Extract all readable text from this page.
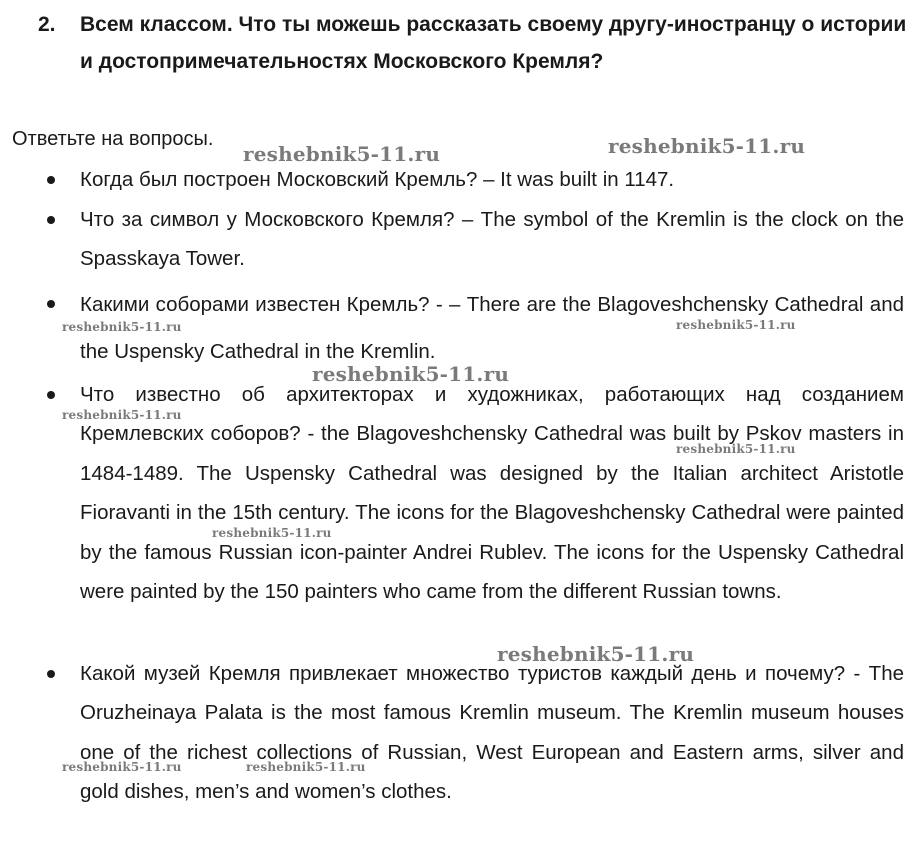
2. Всем классом. Что ты можешь рассказать своему другу-иностранцу о истории и достопримечательностях Московского Кремля?
Ответьте на вопросы.
Когда был построен Московский Кремль? – It was built in 1147.
Что за символ у Московского Кремля? – The symbol of the Kremlin is the clock on the Spasskaya Tower.
Какими соборами известен Кремль? - – There are the Blagoveshchensky Cathedral and the Uspensky Cathedral in the Kremlin.
Что известно об архитекторах и художниках, работающих над созданием Кремлевских соборов? - the Blagoveshchensky Cathedral was built by Pskov masters in 1484-1489. The Uspensky Cathedral was designed by the Italian architect Aristotle Fioravanti in the 15th century. The icons for the Blagoveshchensky Cathedral were painted by the famous Russian icon-painter Andrei Rublev. The icons for the Uspensky Cathedral were painted by the 150 painters who came from the different Russian towns.
Какой музей Кремля привлекает множество туристов каждый день и почему? - The Oruzheinaya Palata is the most famous Kremlin museum. The Kremlin museum houses one of the richest collections of Russian, West European and Eastern arms, silver and gold dishes, men’s and women’s clothes.
reshebnik5-11.ru	reshebnik5-11.ru
reshebnik5-11.ru	reshebnik5-11.ru
reshebnik5-11.ru
reshebnik5-11.ru
reshebnik5-11.ru
reshebnik5-11.ru
reshebnik5-11.ru
reshebnik5-11.ru	reshebnik5-11.ru
